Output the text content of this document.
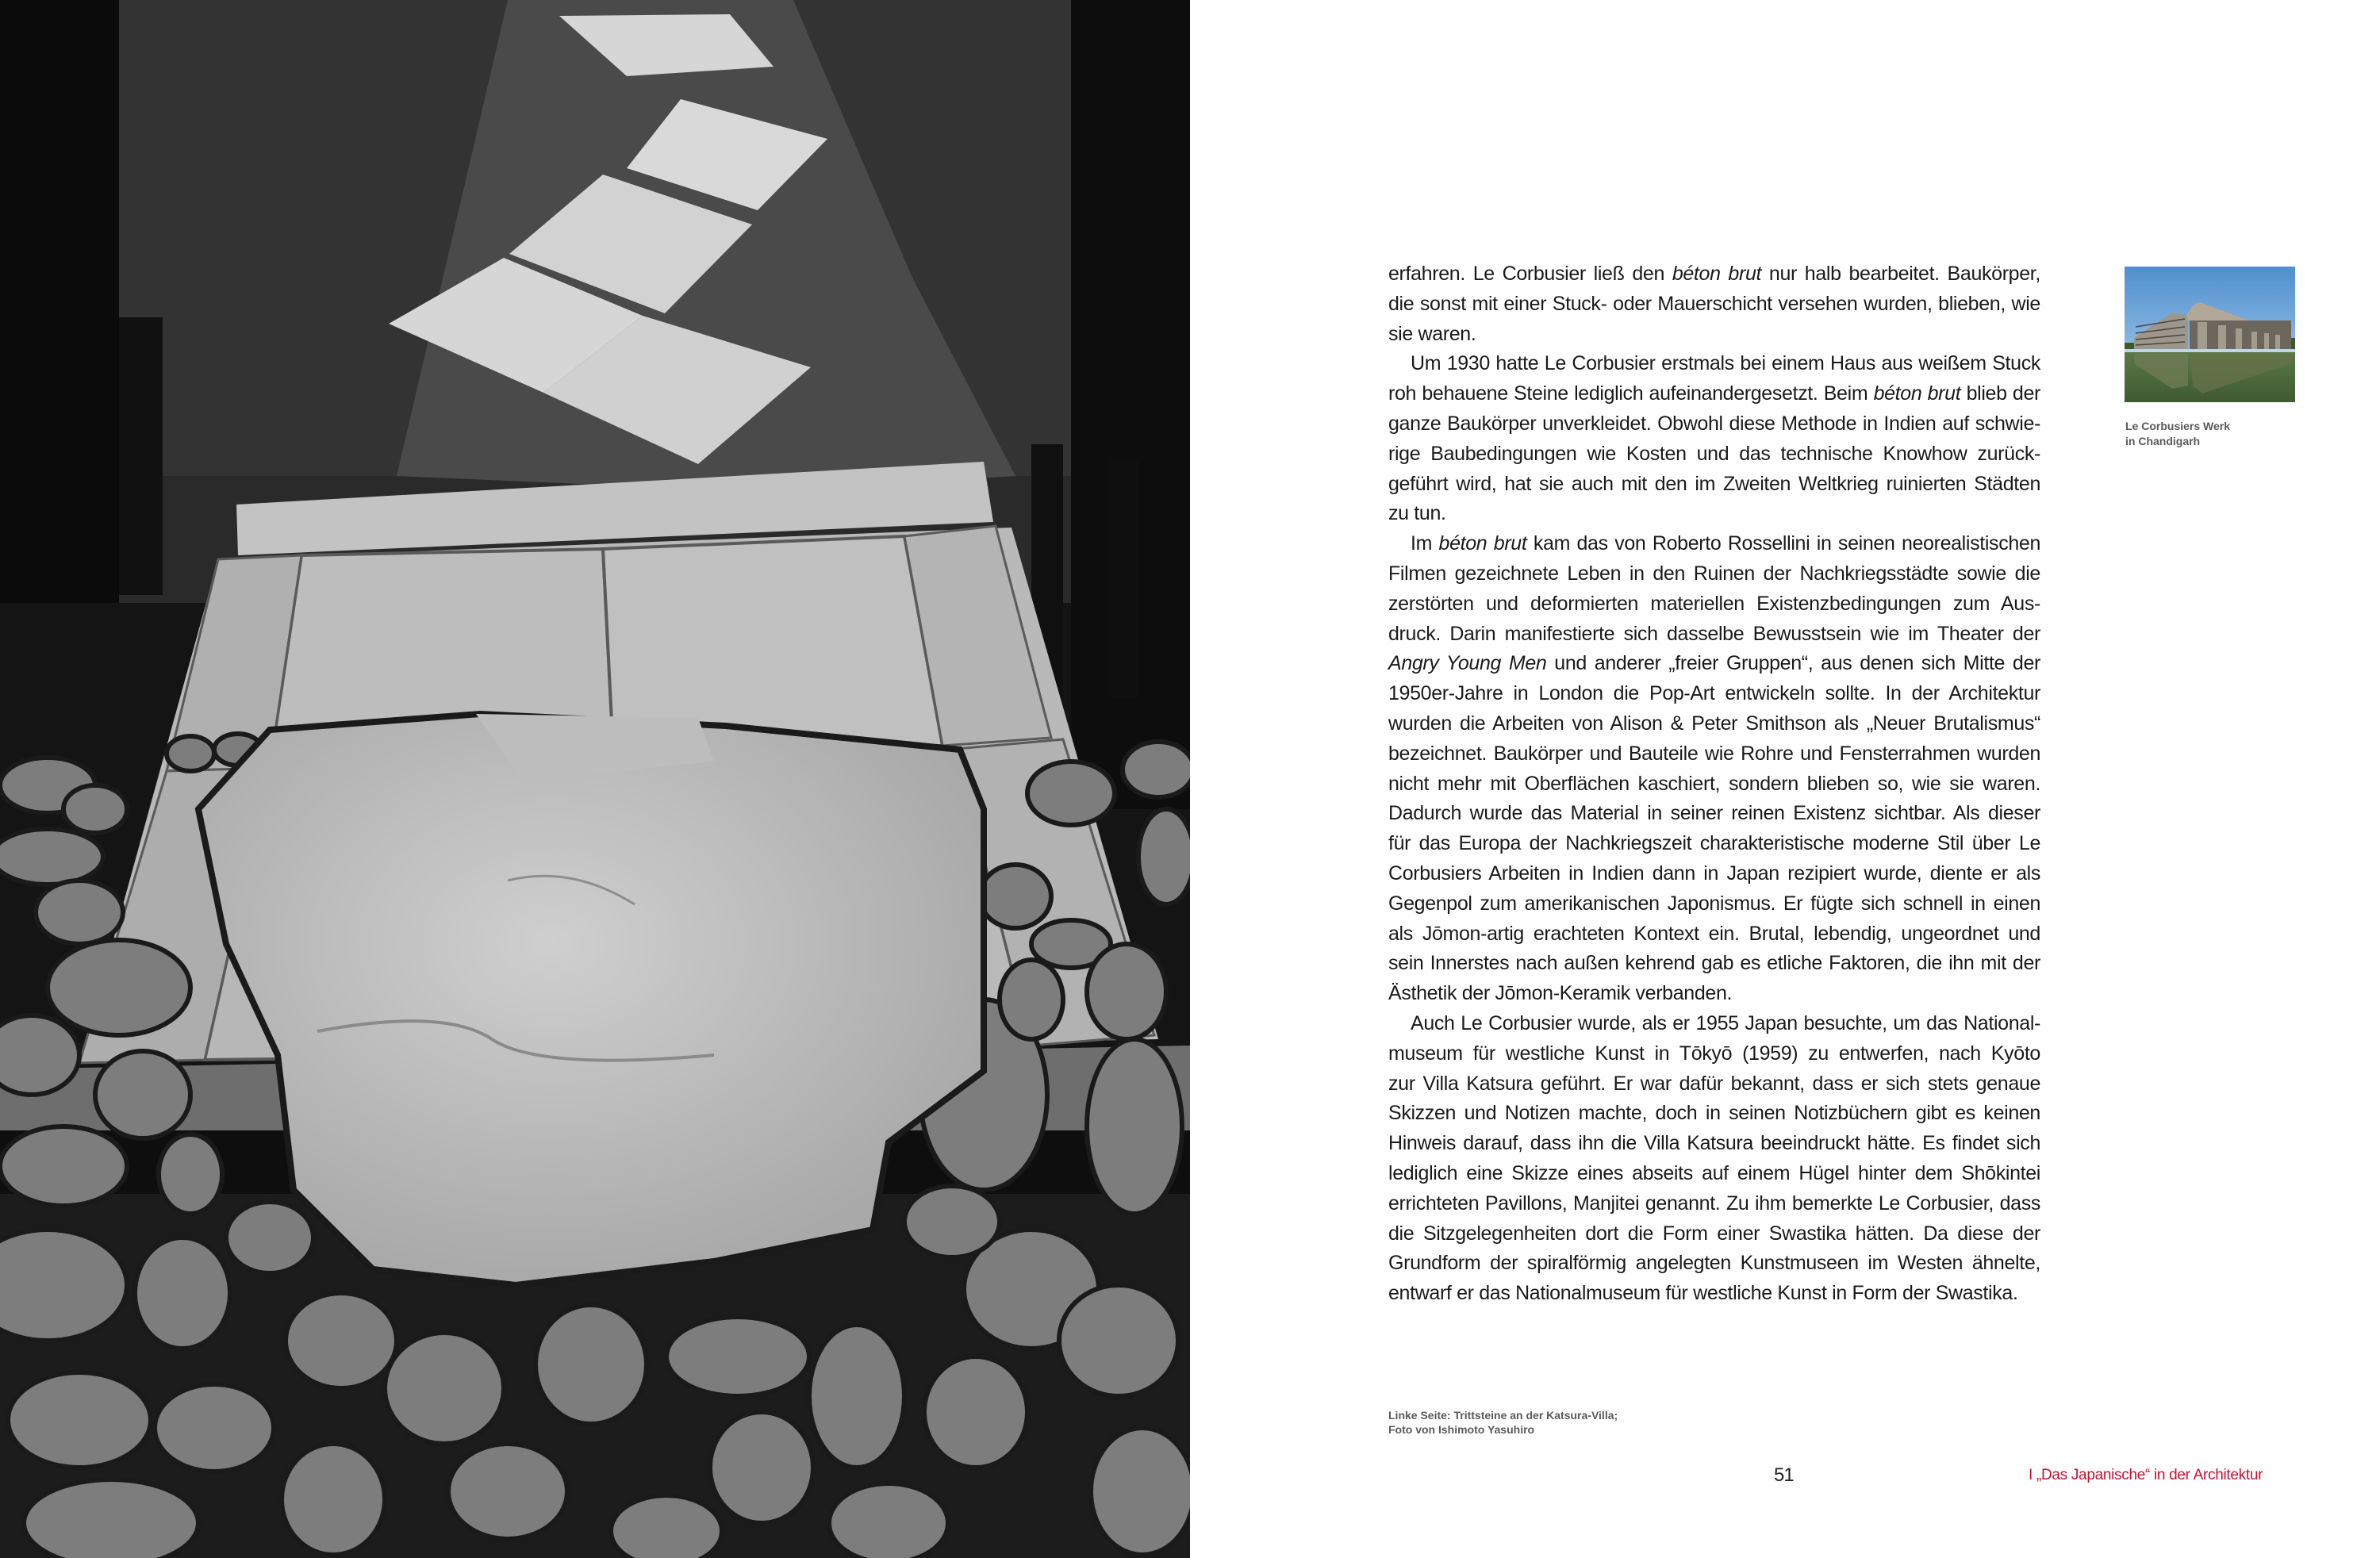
erfahren. Le Corbusier ließ den béton brut nur halb bearbeitet. Baukörper,
die sonst mit einer Stuck- oder Mauerschicht versehen wurden, blieben, wie
sie waren.
Um 1930 hatte Le Corbusier erstmals bei einem Haus aus weißem Stuck
roh behauene Steine lediglich aufeinandergesetzt. Beim béton brut blieb der
ganze Baukörper unverkleidet. Obwohl diese Methode in Indien auf schwie-
rige Baubedingungen wie Kosten und das technische Knowhow zurück-
geführt wird, hat sie auch mit den im Zweiten Weltkrieg ruinierten Städten
zu tun.
Im béton brut kam das von Roberto Rossellini in seinen neorealistischen
Filmen gezeichnete Leben in den Ruinen der Nachkriegsstädte sowie die
zerstörten und deformierten materiellen Existenzbedingungen zum Aus-
druck. Darin manifestierte sich dasselbe Bewusstsein wie im Theater der
Angry Young Men und anderer „freier Gruppen“, aus denen sich Mitte der
1950er-Jahre in London die Pop-Art entwickeln sollte. In der Architektur
wurden die Arbeiten von Alison & Peter Smithson als „Neuer Brutalismus“
bezeichnet. Baukörper und Bauteile wie Rohre und Fensterrahmen wurden
nicht mehr mit Oberflächen kaschiert, sondern blieben so, wie sie waren.
Dadurch wurde das Material in seiner reinen Existenz sichtbar. Als dieser
für das Europa der Nachkriegszeit charakteristische moderne Stil über Le
Corbusiers Arbeiten in Indien dann in Japan rezipiert wurde, diente er als
Gegenpol zum amerikanischen Japonismus. Er fügte sich schnell in einen
als Jōmon-artig erachteten Kontext ein. Brutal, lebendig, ungeordnet und
sein Innerstes nach außen kehrend gab es etliche Faktoren, die ihn mit der
Ästhetik der Jōmon-Keramik verbanden.
Auch Le Corbusier wurde, als er 1955 Japan besuchte, um das National-
museum für westliche Kunst in Tōkyō (1959) zu entwerfen, nach Kyōto
zur Villa Katsura geführt. Er war dafür bekannt, dass er sich stets genaue
Skizzen und Notizen machte, doch in seinen Notizbüchern gibt es keinen
Hinweis darauf, dass ihn die Villa Katsura beeindruckt hätte. Es findet sich
lediglich eine Skizze eines abseits auf einem Hügel hinter dem Shōkintei
errichteten Pavillons, Manjitei genannt. Zu ihm bemerkte Le Corbusier, dass
die Sitzgelegenheiten dort die Form einer Swastika hätten. Da diese der
Grundform der spiralförmig angelegten Kunstmuseen im Westen ähnelte,
entwarf er das Nationalmuseum für westliche Kunst in Form der Swastika.
Le Corbusiers Werk
in Chandigarh
Linke Seite: Trittsteine an der Katsura-Villa;
Foto von Ishimoto Yasuhiro
51	I „Das Japanische“ in der Architektur
